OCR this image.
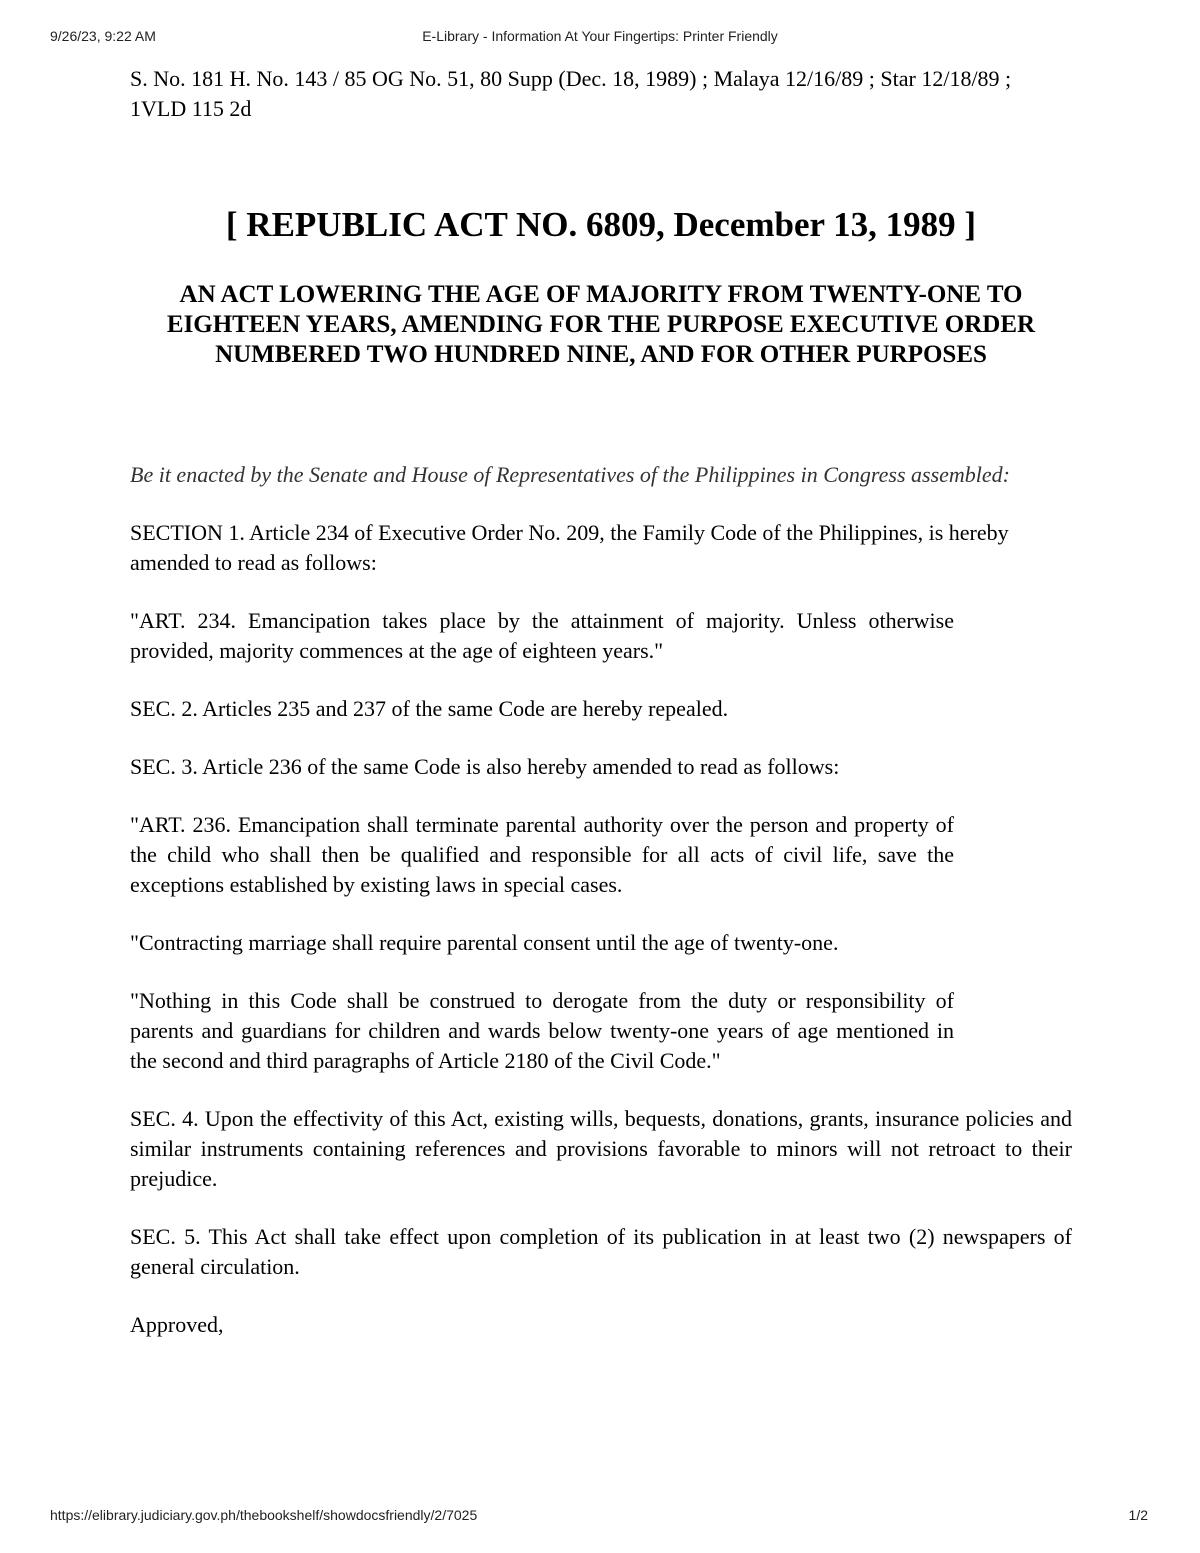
E-Library - Information At Your Fingertips: Printer Friendly
9/26/23, 9:22 AM

S. No. 181 H. No. 143 / 85 OG No. 51, 80 Supp (Dec. 18, 1989) ; Malaya 12/16/89 ; Star 12/18/89 ; 1VLD 115 2d

[ REPUBLIC ACT NO. 6809, December 13, 1989 ]

AN ACT LOWERING THE AGE OF MAJORITY FROM TWENTY-ONE TO EIGHTEEN YEARS, AMENDING FOR THE PURPOSE EXECUTIVE ORDER NUMBERED TWO HUNDRED NINE, AND FOR OTHER PURPOSES

Be it enacted by the Senate and House of Representatives of the Philippines in Congress assembled:

SECTION 1. Article 234 of Executive Order No. 209, the Family Code of the Philippines, is hereby amended to read as follows:

"ART. 234. Emancipation takes place by the attainment of majority. Unless otherwise provided, majority commences at the age of eighteen years."

SEC. 2. Articles 235 and 237 of the same Code are hereby repealed.

SEC. 3. Article 236 of the same Code is also hereby amended to read as follows:

"ART. 236. Emancipation shall terminate parental authority over the person and property of the child who shall then be qualified and responsible for all acts of civil life, save the exceptions established by existing laws in special cases.

"Contracting marriage shall require parental consent until the age of twenty-one.

"Nothing in this Code shall be construed to derogate from the duty or responsibility of parents and guardians for children and wards below twenty-one years of age mentioned in the second and third paragraphs of Article 2180 of the Civil Code."

SEC. 4. Upon the effectivity of this Act, existing wills, bequests, donations, grants, insurance policies and similar instruments containing references and provisions favorable to minors will not retroact to their prejudice.

SEC. 5. This Act shall take effect upon completion of its publication in at least two (2) newspapers of general circulation.

Approved,

https://elibrary.judiciary.gov.ph/thebookshelf/showdocsfriendly/2/7025	1/2
